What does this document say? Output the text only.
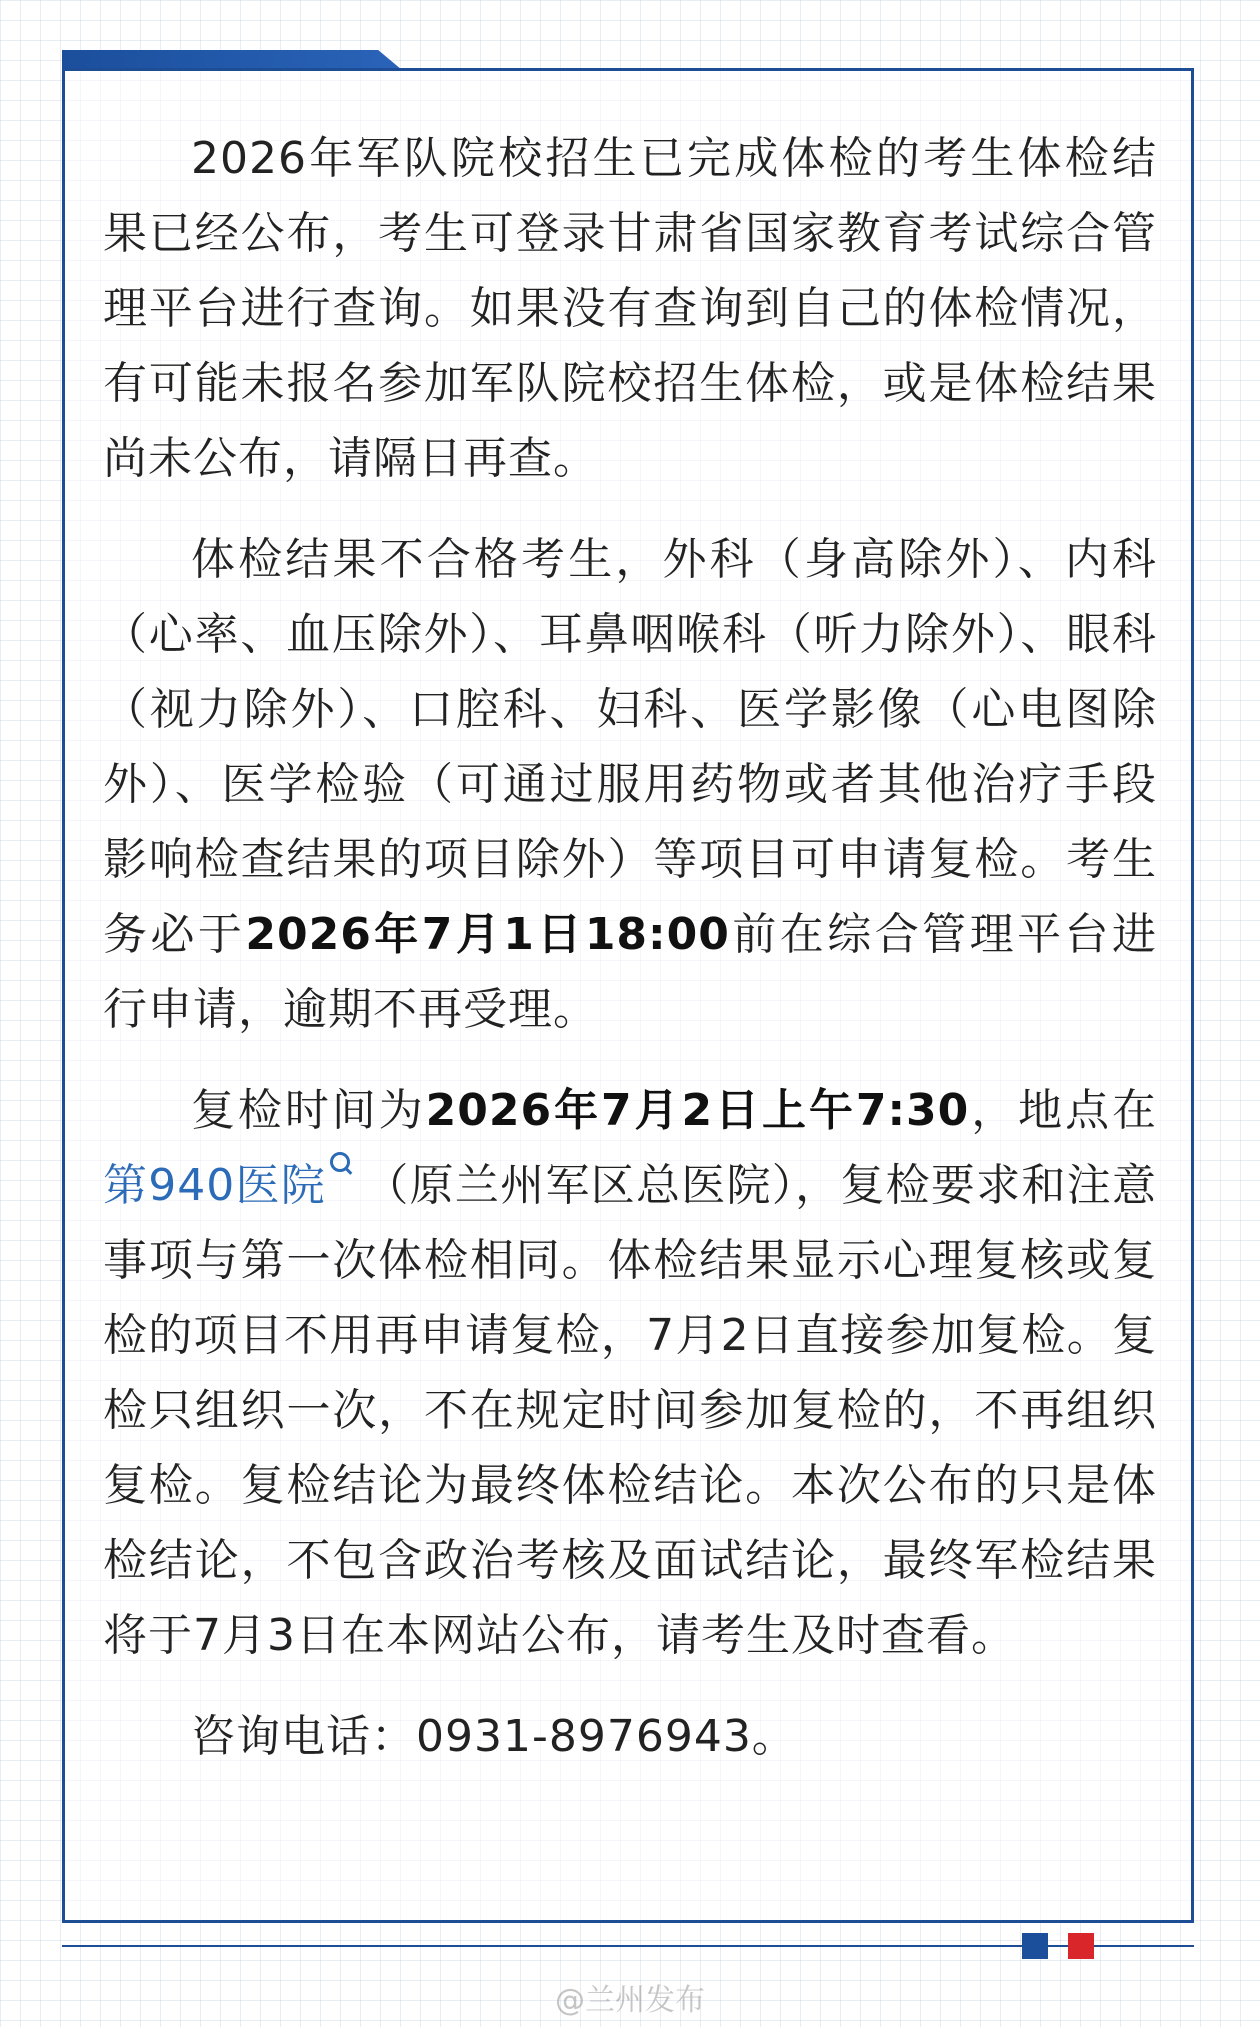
2026年军队院校招生已完成体检的考生体检结果已经公布，考生可登录甘肃省国家教育考试综合管理平台进行查询。如果没有查询到自己的体检情况，有可能未报名参加军队院校招生体检，或是体检结果尚未公布，请隔日再查。

体检结果不合格考生，外科（身高除外）、内科（心率、血压除外）、耳鼻咽喉科（听力除外）、眼科（视力除外）、口腔科、妇科、医学影像（心电图除外）、医学检验（可通过服用药物或者其他治疗手段影响检查结果的项目除外）等项目可申请复检。考生务必于2026年7月1日18:00前在综合管理平台进行申请，逾期不再受理。

复检时间为2026年7月2日上午7:30，地点在第940医院 （原兰州军区总医院），复检要求和注意事项与第一次体检相同。体检结果显示心理复核或复检的项目不用再申请复检，7月2日直接参加复检。复检只组织一次，不在规定时间参加复检的，不再组织复检。复检结论为最终体检结论。本次公布的只是体检结论，不包含政治考核及面试结论，最终军检结果将于7月3日在本网站公布，请考生及时查看。

咨询电话：0931-8976943。

@兰州发布
